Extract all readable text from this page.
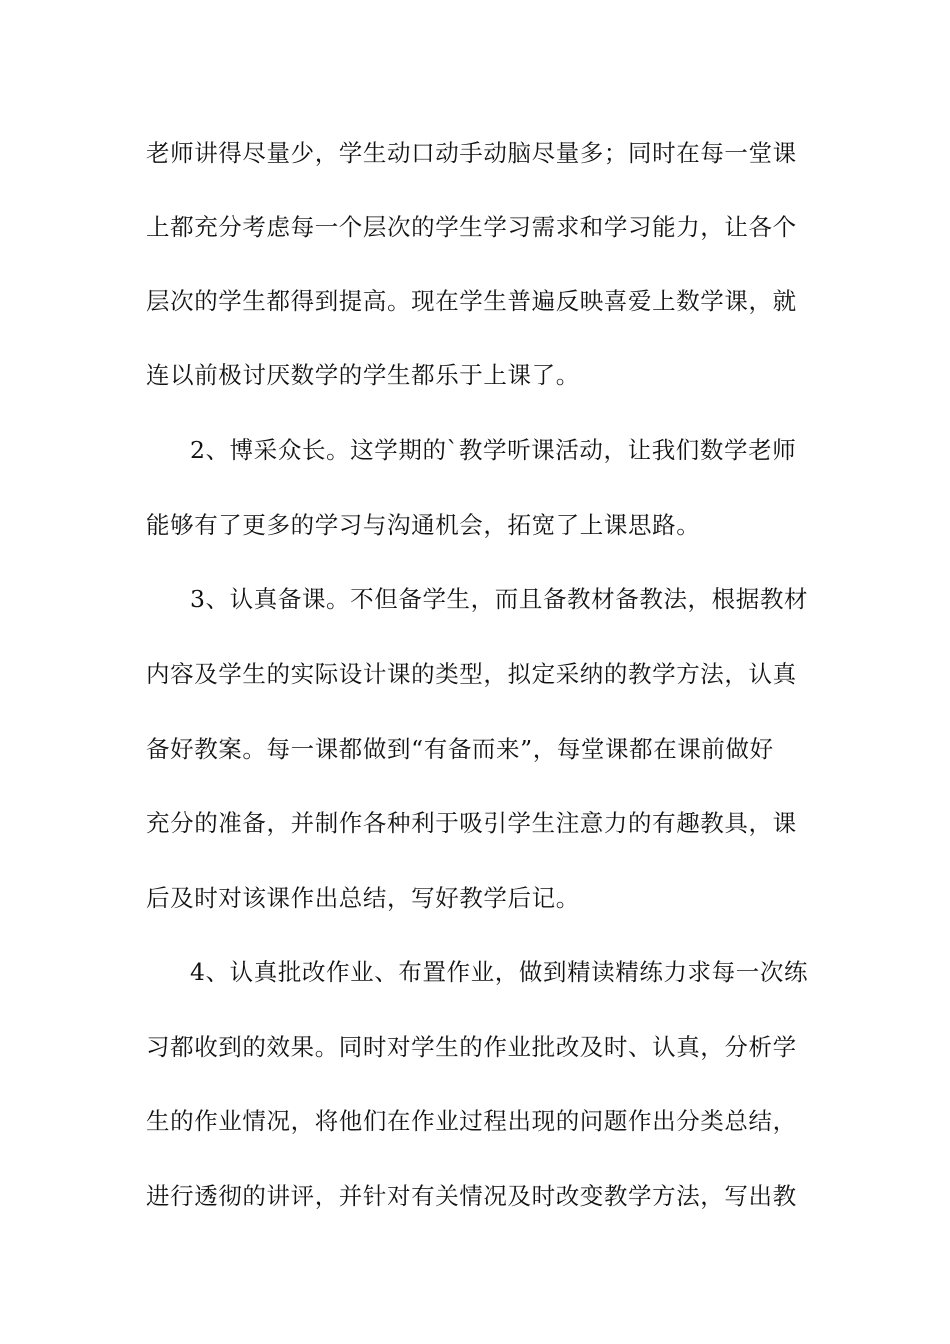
老师讲得尽量少，学生动口动手动脑尽量多；同时在每一堂课
上都充分考虑每一个层次的学生学习需求和学习能力，让各个
层次的学生都得到提高。现在学生普遍反映喜爱上数学课，就
连以前极讨厌数学的学生都乐于上课了。
2、博采众长。这学期的`教学听课活动，让我们数学老师
能够有了更多的学习与沟通机会，拓宽了上课思路。
3、认真备课。不但备学生，而且备教材备教法，根据教材
内容及学生的实际设计课的类型，拟定采纳的教学方法，认真
备好教案。每一课都做到“有备而来”，每堂课都在课前做好
充分的准备，并制作各种利于吸引学生注意力的有趣教具，课
后及时对该课作出总结，写好教学后记。
4、认真批改作业、布置作业，做到精读精练力求每一次练
习都收到的效果。同时对学生的作业批改及时、认真，分析学
生的作业情况，将他们在作业过程出现的问题作出分类总结，
进行透彻的讲评，并针对有关情况及时改变教学方法，写出教
